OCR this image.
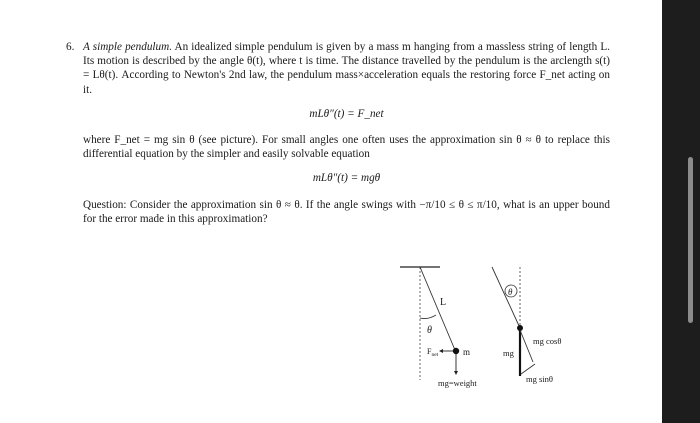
6. A simple pendulum. An idealized simple pendulum is given by a mass m hanging from a massless string of length L. Its motion is described by the angle θ(t), where t is time. The distance travelled by the pendulum is the arclength s(t) = Lθ(t). According to Newton's 2nd law, the pendulum mass×acceleration equals the restoring force F_net acting on it.

mLθ″(t) = F_net

where F_net = mg sin θ (see picture). For small angles one often uses the approximation sin θ ≈ θ to replace this differential equation by the simpler and easily solvable equation

mLθ″(t) = mgθ

Question: Consider the approximation sin θ ≈ θ. If the angle swings with −π/10 ≤ θ ≤ π/10, what is an upper bound for the error made in this approximation?

L
θ
$F_{net}$	m
mg=weight
θ
mg
mg cosθ
mg sinθ
